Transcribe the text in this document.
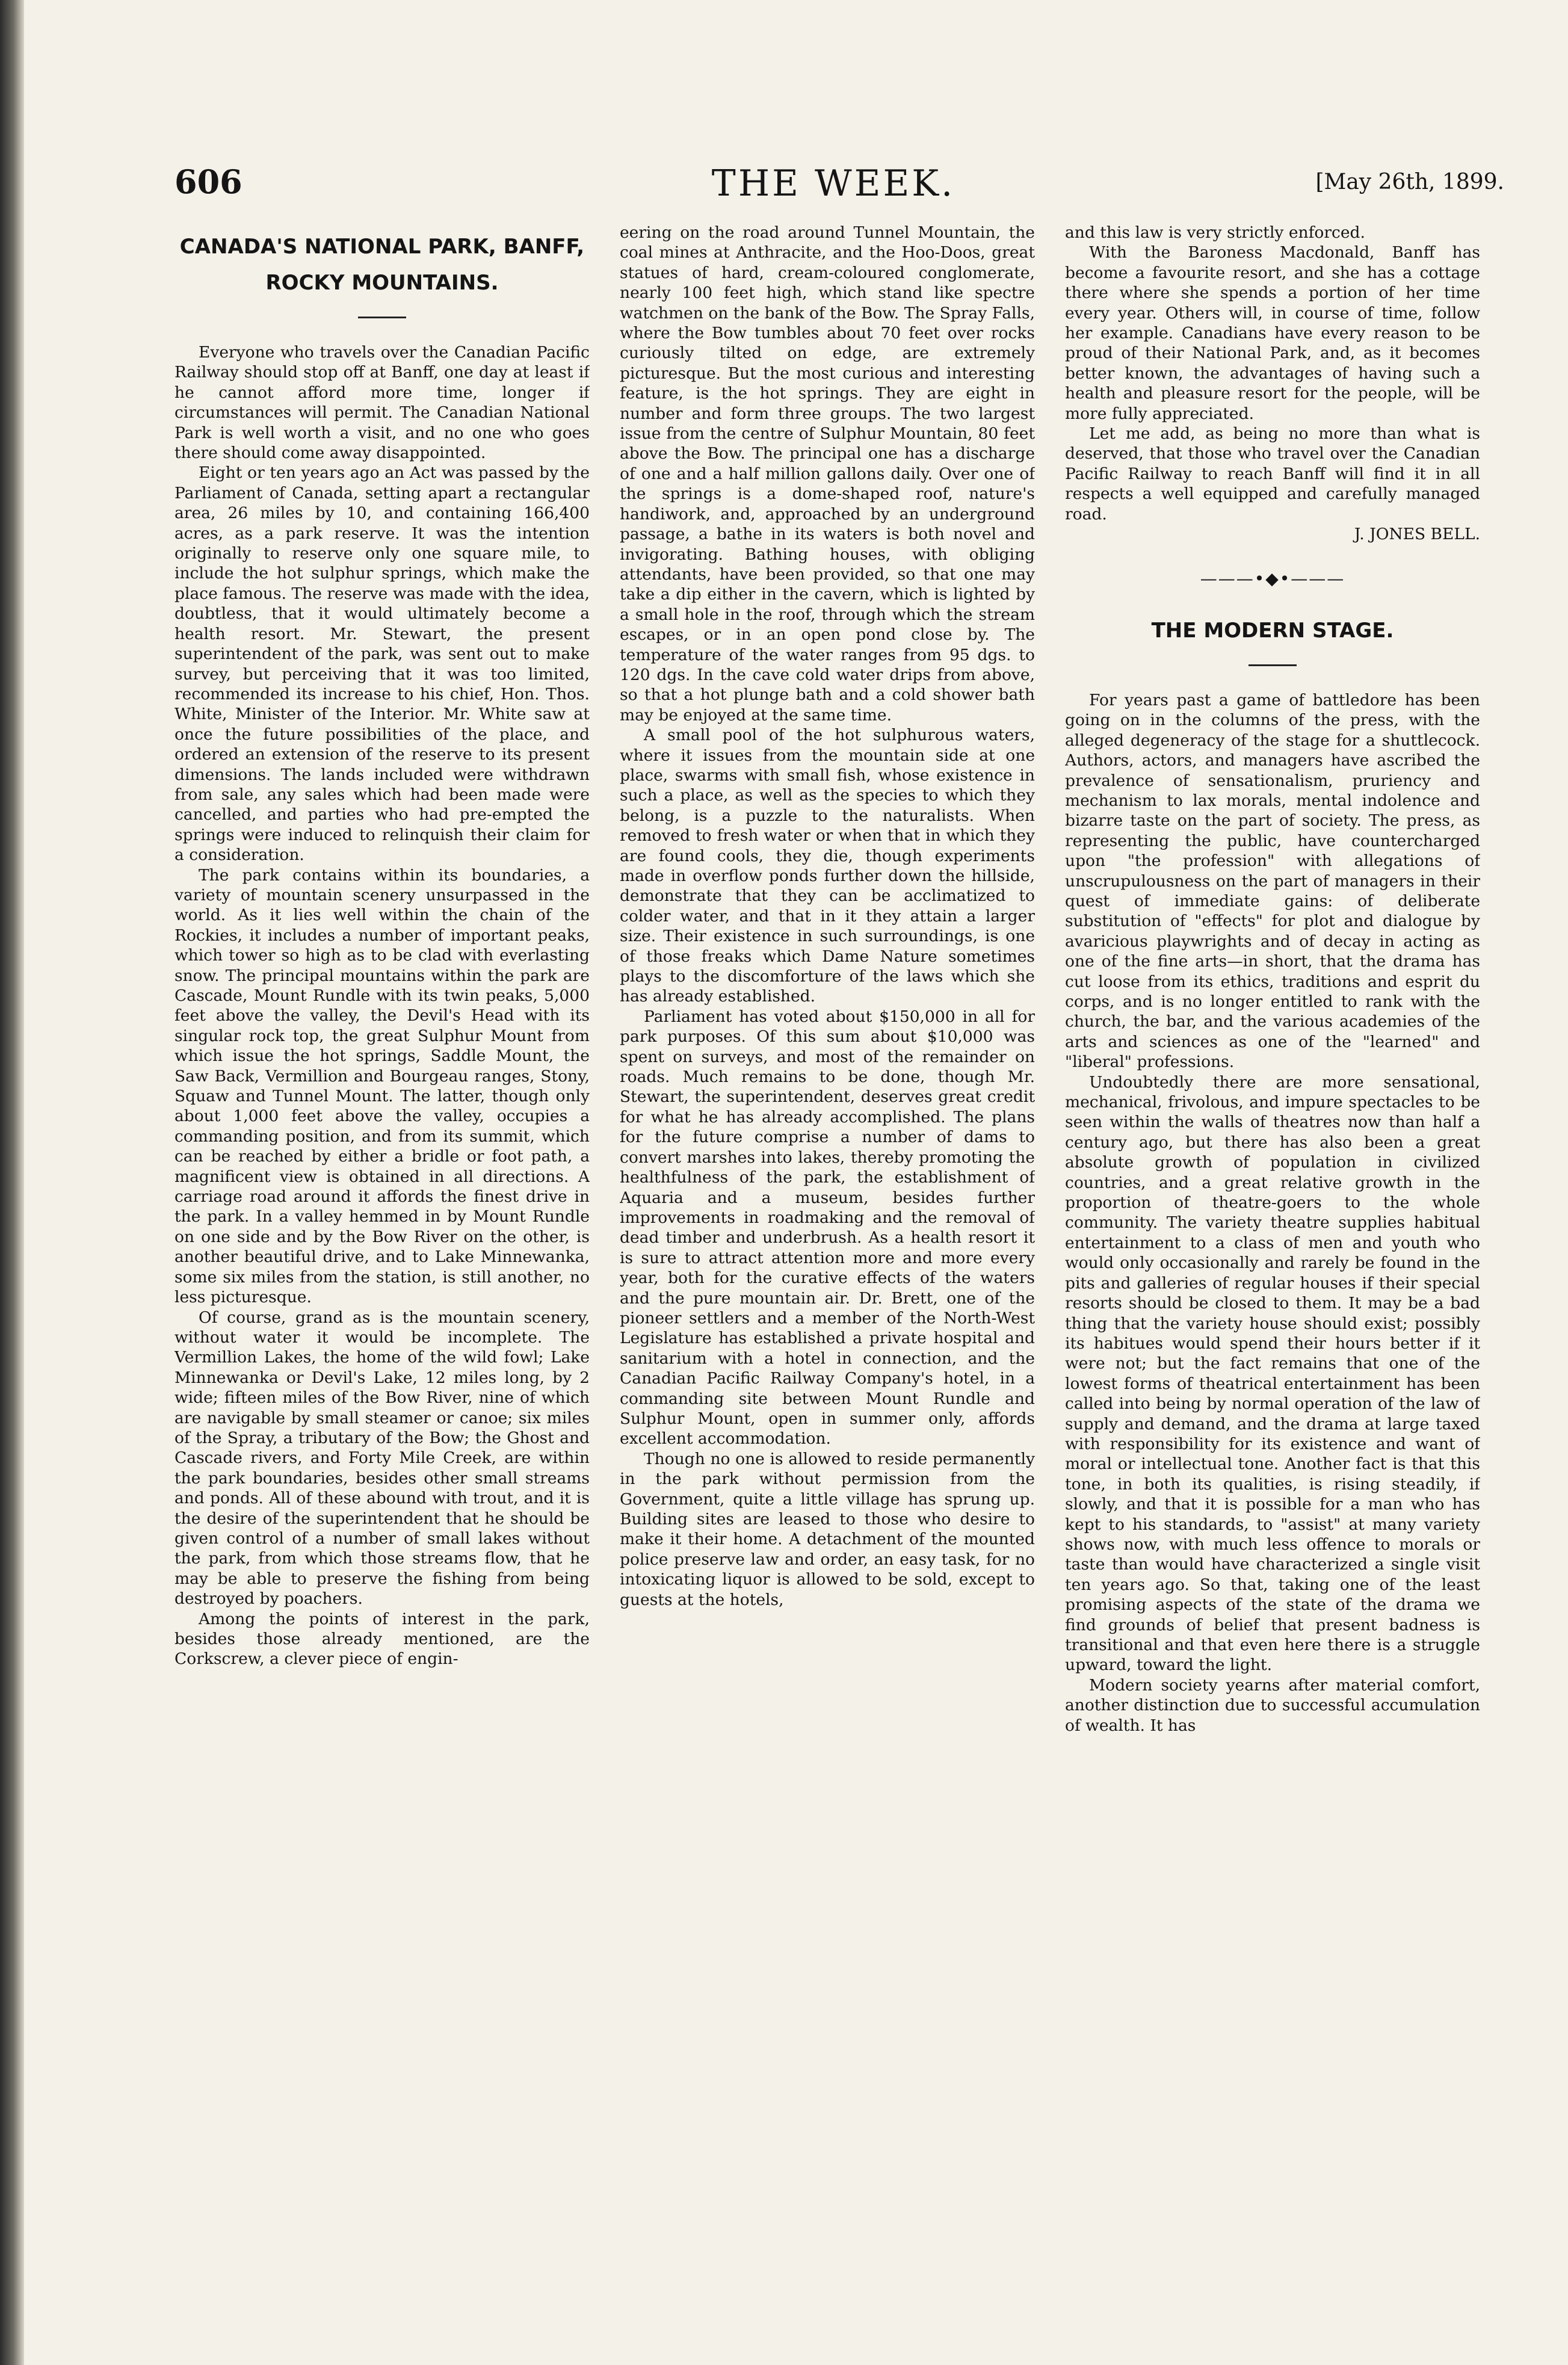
606	THE WEEK.	[May 26th, 1899.
CANADA'S NATIONAL PARK, BANFF,
ROCKY MOUNTAINS.

Everyone who travels over the Canadian Pacific Railway should stop off at Banff, one day at least if he cannot afford more time, longer if circumstances will permit. The Canadian National Park is well worth a visit, and no one who goes there should come away disappointed.

Eight or ten years ago an Act was passed by the Parliament of Canada, setting apart a rectangular area, 26 miles by 10, and containing 166,400 acres, as a park reserve. It was the intention originally to reserve only one square mile, to include the hot sulphur springs, which make the place famous. The reserve was made with the idea, doubtless, that it would ultimately become a health resort. Mr. Stewart, the present superintendent of the park, was sent out to make survey, but perceiving that it was too limited, recommended its increase to his chief, Hon. Thos. White, Minister of the Interior. Mr. White saw at once the future possibilities of the place, and ordered an extension of the reserve to its present dimensions. The lands included were withdrawn from sale, any sales which had been made were cancelled, and parties who had pre-empted the springs were induced to relinquish their claim for a consideration.

The park contains within its boundaries, a variety of mountain scenery unsurpassed in the world. As it lies well within the chain of the Rockies, it includes a number of important peaks, which tower so high as to be clad with everlasting snow. The principal mountains within the park are Cascade, Mount Rundle with its twin peaks, 5,000 feet above the valley, the Devil's Head with its singular rock top, the great Sulphur Mount from which issue the hot springs, Saddle Mount, the Saw Back, Vermillion and Bourgeau ranges, Stony, Squaw and Tunnel Mount. The latter, though only about 1,000 feet above the valley, occupies a commanding position, and from its summit, which can be reached by either a bridle or foot path, a magnificent view is obtained in all directions. A carriage road around it affords the finest drive in the park. In a valley hemmed in by Mount Rundle on one side and by the Bow River on the other, is another beautiful drive, and to Lake Minnewanka, some six miles from the station, is still another, no less picturesque.

Of course, grand as is the mountain scenery, without water it would be incomplete. The Vermillion Lakes, the home of the wild fowl; Lake Minnewanka or Devil's Lake, 12 miles long, by 2 wide; fifteen miles of the Bow River, nine of which are navigable by small steamer or canoe; six miles of the Spray, a tributary of the Bow; the Ghost and Cascade rivers, and Forty Mile Creek, are within the park boundaries, besides other small streams and ponds. All of these abound with trout, and it is the desire of the superintendent that he should be given control of a number of small lakes without the park, from which those streams flow, that he may be able to preserve the fishing from being destroyed by poachers.

Among the points of interest in the park, besides those already mentioned, are the Corkscrew, a clever piece of engin-

eering on the road around Tunnel Mountain, the coal mines at Anthracite, and the Hoo-Doos, great statues of hard, cream-coloured conglomerate, nearly 100 feet high, which stand like spectre watchmen on the bank of the Bow. The Spray Falls, where the Bow tumbles about 70 feet over rocks curiously tilted on edge, are extremely picturesque. But the most curious and interesting feature, is the hot springs. They are eight in number and form three groups. The two largest issue from the centre of Sulphur Mountain, 80 feet above the Bow. The principal one has a discharge of one and a half million gallons daily. Over one of the springs is a dome-shaped roof, nature's handiwork, and, approached by an underground passage, a bathe in its waters is both novel and invigorating. Bathing houses, with obliging attendants, have been provided, so that one may take a dip either in the cavern, which is lighted by a small hole in the roof, through which the stream escapes, or in an open pond close by. The temperature of the water ranges from 95 dgs. to 120 dgs. In the cave cold water drips from above, so that a hot plunge bath and a cold shower bath may be enjoyed at the same time.

A small pool of the hot sulphurous waters, where it issues from the mountain side at one place, swarms with small fish, whose existence in such a place, as well as the species to which they belong, is a puzzle to the naturalists. When removed to fresh water or when that in which they are found cools, they die, though experiments made in overflow ponds further down the hillside, demonstrate that they can be acclimatized to colder water, and that in it they attain a larger size. Their existence in such surroundings, is one of those freaks which Dame Nature sometimes plays to the discomforture of the laws which she has already established.

Parliament has voted about $150,000 in all for park purposes. Of this sum about $10,000 was spent on surveys, and most of the remainder on roads. Much remains to be done, though Mr. Stewart, the superintendent, deserves great credit for what he has already accomplished. The plans for the future comprise a number of dams to convert marshes into lakes, thereby promoting the healthfulness of the park, the establishment of Aquaria and a museum, besides further improvements in roadmaking and the removal of dead timber and underbrush. As a health resort it is sure to attract attention more and more every year, both for the curative effects of the waters and the pure mountain air. Dr. Brett, one of the pioneer settlers and a member of the North-West Legislature has established a private hospital and sanitarium with a hotel in connection, and the Canadian Pacific Railway Company's hotel, in a commanding site between Mount Rundle and Sulphur Mount, open in summer only, affords excellent accommodation.

Though no one is allowed to reside permanently in the park without permission from the Government, quite a little village has sprung up. Building sites are leased to those who desire to make it their home. A detachment of the mounted police preserve law and order, an easy task, for no intoxicating liquor is allowed to be sold, except to guests at the hotels,

and this law is very strictly enforced.

With the Baroness Macdonald, Banff has become a favourite resort, and she has a cottage there where she spends a portion of her time every year. Others will, in course of time, follow her example. Canadians have every reason to be proud of their National Park, and, as it becomes better known, the advantages of having such a health and pleasure resort for the people, will be more fully appreciated.

Let me add, as being no more than what is deserved, that those who travel over the Canadian Pacific Railway to reach Banff will find it in all respects a well equipped and carefully managed road.

J. JONES BELL.

———•◆•———
THE MODERN STAGE.

For years past a game of battledore has been going on in the columns of the press, with the alleged degeneracy of the stage for a shuttlecock. Authors, actors, and managers have ascribed the prevalence of sensationalism, pruriency and mechanism to lax morals, mental indolence and bizarre taste on the part of society. The press, as representing the public, have countercharged upon "the profession" with allegations of unscrupulousness on the part of managers in their quest of immediate gains: of deliberate substitution of "effects" for plot and dialogue by avaricious playwrights and of decay in acting as one of the fine arts—in short, that the drama has cut loose from its ethics, traditions and esprit du corps, and is no longer entitled to rank with the church, the bar, and the various academies of the arts and sciences as one of the "learned" and "liberal" professions.

Undoubtedly there are more sensational, mechanical, frivolous, and impure spectacles to be seen within the walls of theatres now than half a century ago, but there has also been a great absolute growth of population in civilized countries, and a great relative growth in the proportion of theatre-goers to the whole community. The variety theatre supplies habitual entertainment to a class of men and youth who would only occasionally and rarely be found in the pits and galleries of regular houses if their special resorts should be closed to them. It may be a bad thing that the variety house should exist; possibly its habitues would spend their hours better if it were not; but the fact remains that one of the lowest forms of theatrical entertainment has been called into being by normal operation of the law of supply and demand, and the drama at large taxed with responsibility for its existence and want of moral or intellectual tone. Another fact is that this tone, in both its qualities, is rising steadily, if slowly, and that it is possible for a man who has kept to his standards, to "assist" at many variety shows now, with much less offence to morals or taste than would have characterized a single visit ten years ago. So that, taking one of the least promising aspects of the state of the drama we find grounds of belief that present badness is transitional and that even here there is a struggle upward, toward the light.

Modern society yearns after material comfort, another distinction due to successful accumulation of wealth. It has
